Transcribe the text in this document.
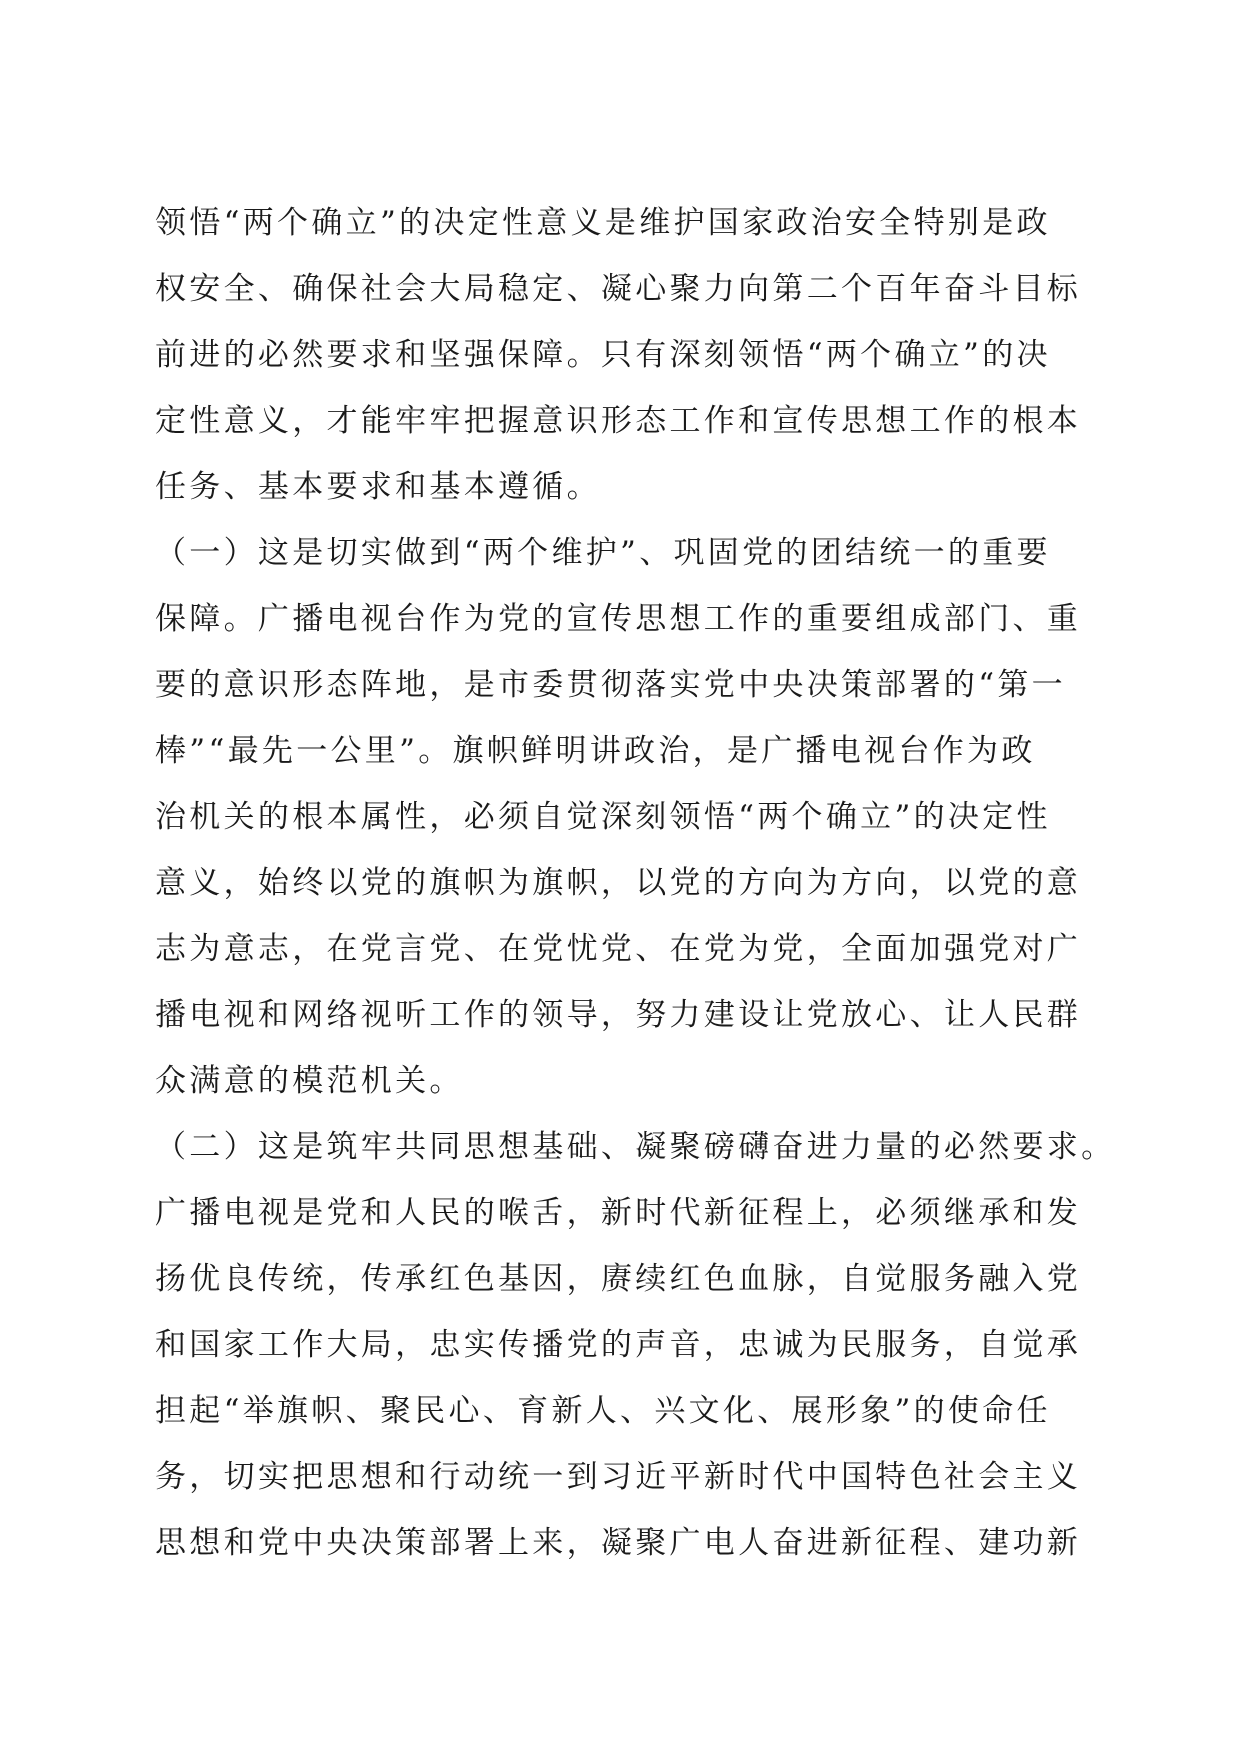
领悟“两个确立”的决定性意义是维护国家政治安全特别是政
权安全、确保社会大局稳定、凝心聚力向第二个百年奋斗目标
前进的必然要求和坚强保障。只有深刻领悟“两个确立”的决
定性意义，才能牢牢把握意识形态工作和宣传思想工作的根本
任务、基本要求和基本遵循。
（一）这是切实做到“两个维护”、巩固党的团结统一的重要
保障。广播电视台作为党的宣传思想工作的重要组成部门、重
要的意识形态阵地，是市委贯彻落实党中央决策部署的“第一
棒”“最先一公里”。旗帜鲜明讲政治，是广播电视台作为政
治机关的根本属性，必须自觉深刻领悟“两个确立”的决定性
意义，始终以党的旗帜为旗帜，以党的方向为方向，以党的意
志为意志，在党言党、在党忧党、在党为党，全面加强党对广
播电视和网络视听工作的领导，努力建设让党放心、让人民群
众满意的模范机关。
（二）这是筑牢共同思想基础、凝聚磅礴奋进力量的必然要求。
广播电视是党和人民的喉舌，新时代新征程上，必须继承和发
扬优良传统，传承红色基因，赓续红色血脉，自觉服务融入党
和国家工作大局，忠实传播党的声音，忠诚为民服务，自觉承
担起“举旗帜、聚民心、育新人、兴文化、展形象”的使命任
务，切实把思想和行动统一到习近平新时代中国特色社会主义
思想和党中央决策部署上来，凝聚广电人奋进新征程、建功新
